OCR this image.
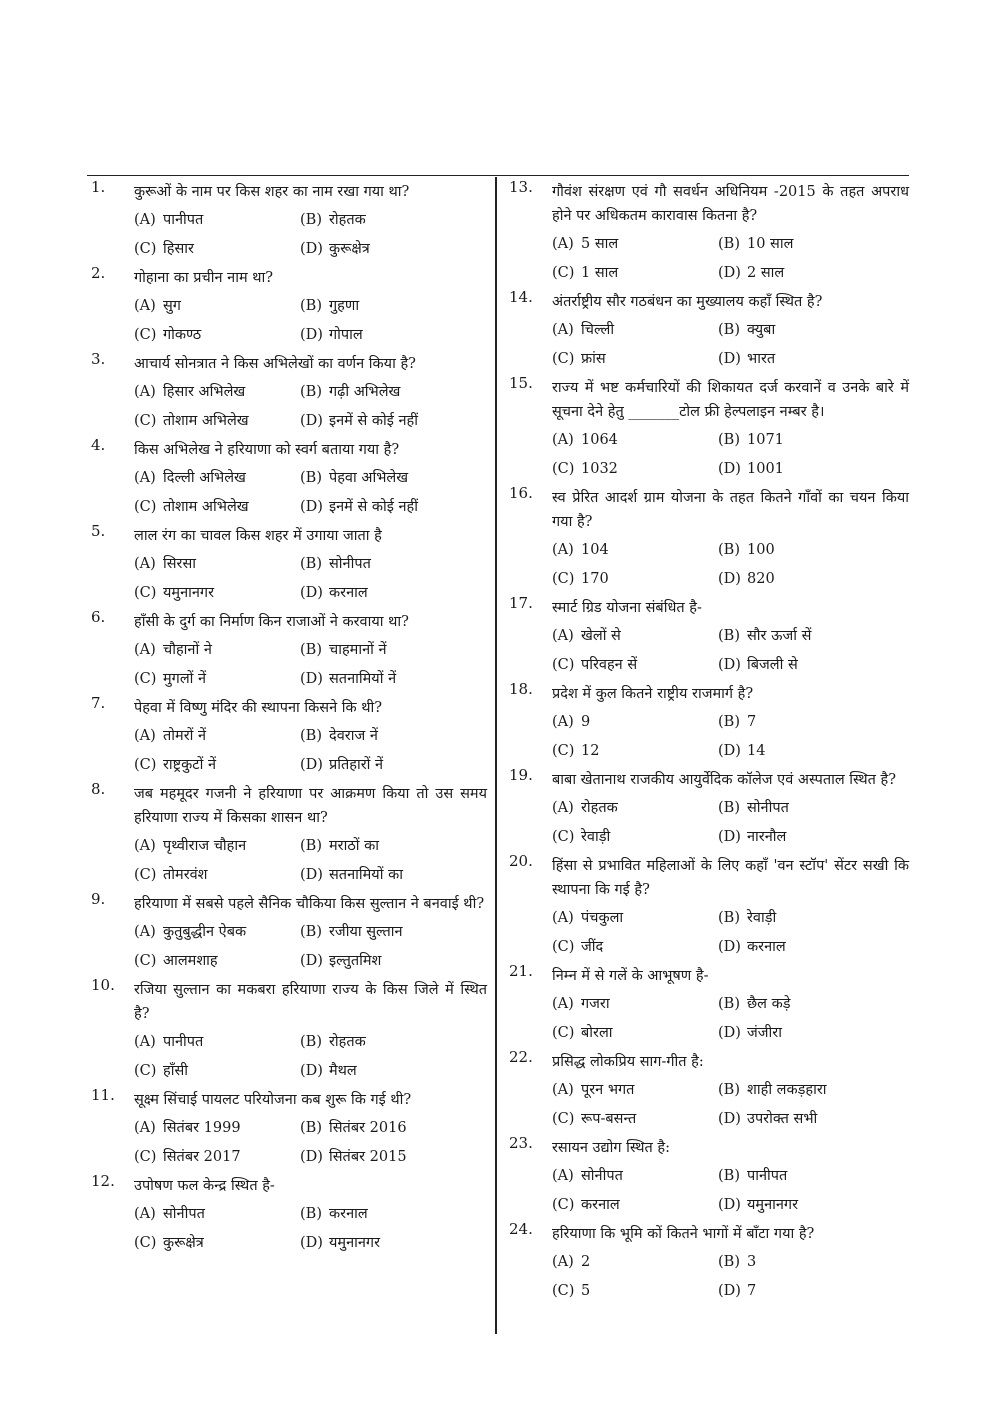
1. कुरूओं के नाम पर किस शहर का नाम रखा गया था?
(A) पानीपत	(B) रोहतक
(C) हिसार	(D) कुरूक्षेत्र
2. गोहाना का प्रचीन नाम था?
(A) सुग	(B) गुहणा
(C) गोकण्ठ	(D) गोपाल
3. आचार्य सोनत्रात ने किस अभिलेखों का वर्णन किया है?
(A) हिसार अभिलेख	(B) गढ़ी अभिलेख
(C) तोशाम अभिलेख	(D) इनमें से कोई नहीं
4. किस अभिलेख ने हरियाणा को स्वर्ग बताया गया है?
(A) दिल्ली अभिलेख	(B) पेहवा अभिलेख
(C) तोशाम अभिलेख	(D) इनमें से कोई नहीं
5. लाल रंग का चावल किस शहर में उगाया जाता है
(A) सिरसा	(B) सोनीपत
(C) यमुनानगर	(D) करनाल
6. हाँसी के दुर्ग का निर्माण किन राजाओं ने करवाया था?
(A) चौहानों ने	(B) चाहमानों नें
(C) मुगलों नें	(D) सतनामियों नें
7. पेहवा में विष्णु मंदिर की स्थापना किसने कि थी?
(A) तोमरों नें	(B) देवराज नें
(C) राष्ट्रकुटों नें	(D) प्रतिहारों नें
8. जब महमूदर गजनी ने हरियाणा पर आक्रमण किया तो उस समय हरियाणा राज्य में किसका शासन था?
(A) पृथ्वीराज चौहान	(B) मराठों का
(C) तोमरवंश	(D) सतनामियों का
9. हरियाणा में सबसे पहले सैनिक चौकिया किस सुल्तान ने बनवाई थी?
(A) कुतुबुद्धीन ऐबक	(B) रजीया सुल्तान
(C) आलमशाह	(D) इल्तुतमिश
10. रजिया सुल्तान का मकबरा हरियाणा राज्य के किस जिले में स्थित है?
(A) पानीपत	(B) रोहतक
(C) हाँसी	(D) मैथल
11. सूक्ष्म सिंचाई पायलट परियोजना कब शुरू कि गई थी?
(A) सितंबर 1999	(B) सितंबर 2016
(C) सितंबर 2017	(D) सितंबर 2015
12. उपोषण फल केन्द्र स्थित है-
(A) सोनीपत	(B) करनाल
(C) कुरूक्षेत्र	(D) यमुनानगर
13. गौवंश संरक्षण एवं गौ सवर्धन अधिनियम -2015 के तहत अपराध होने पर अधिकतम कारावास कितना है?
(A) 5 साल	(B) 10 साल
(C) 1 साल	(D) 2 साल
14. अंतर्राष्ट्रीय सौर गठबंधन का मुख्यालय कहाँ स्थित है?
(A) चिल्ली	(B) क्युबा
(C) फ्रांस	(D) भारत
15. राज्य में भष्ट कर्मचारियों की शिकायत दर्ज करवानें व उनके बारे में सूचना देने हेतु _______टोल फ्री हेल्पलाइन नम्बर है।
(A) 1064	(B) 1071
(C) 1032	(D) 1001
16. स्व प्रेरित आदर्श ग्राम योजना के तहत कितने गाँवों का चयन किया गया है?
(A) 104	(B) 100
(C) 170	(D) 820
17. स्मार्ट ग्रिड योजना संबंधित है-
(A) खेलों से	(B) सौर ऊर्जा सें
(C) परिवहन सें	(D) बिजली से
18. प्रदेश में कुल कितने राष्ट्रीय राजमार्ग है?
(A) 9	(B) 7
(C) 12	(D) 14
19. बाबा खेतानाथ राजकीय आयुर्वेदिक कॉलेज एवं अस्पताल स्थित है?
(A) रोहतक	(B) सोनीपत
(C) रेवाड़ी	(D) नारनौल
20. हिंसा से प्रभावित महिलाओं के लिए कहाँ 'वन स्टॉप' सेंटर सखी कि स्थापना कि गई है?
(A) पंचकुला	(B) रेवाड़ी
(C) जींद	(D) करनाल
21. निम्न में से गलें के आभूषण है-
(A) गजरा	(B) छैल कड़े
(C) बोरला	(D) जंजीरा
22. प्रसिद्ध लोकप्रिय साग-गीत है:
(A) पूरन भगत	(B) शाही लकड़हारा
(C) रूप-बसन्त	(D) उपरोक्त सभी
23. रसायन उद्योग स्थित है:
(A) सोनीपत	(B) पानीपत
(C) करनाल	(D) यमुनानगर
24. हरियाणा कि भूमि कों कितने भागों में बाँटा गया है?
(A) 2	(B) 3
(C) 5	(D) 7
